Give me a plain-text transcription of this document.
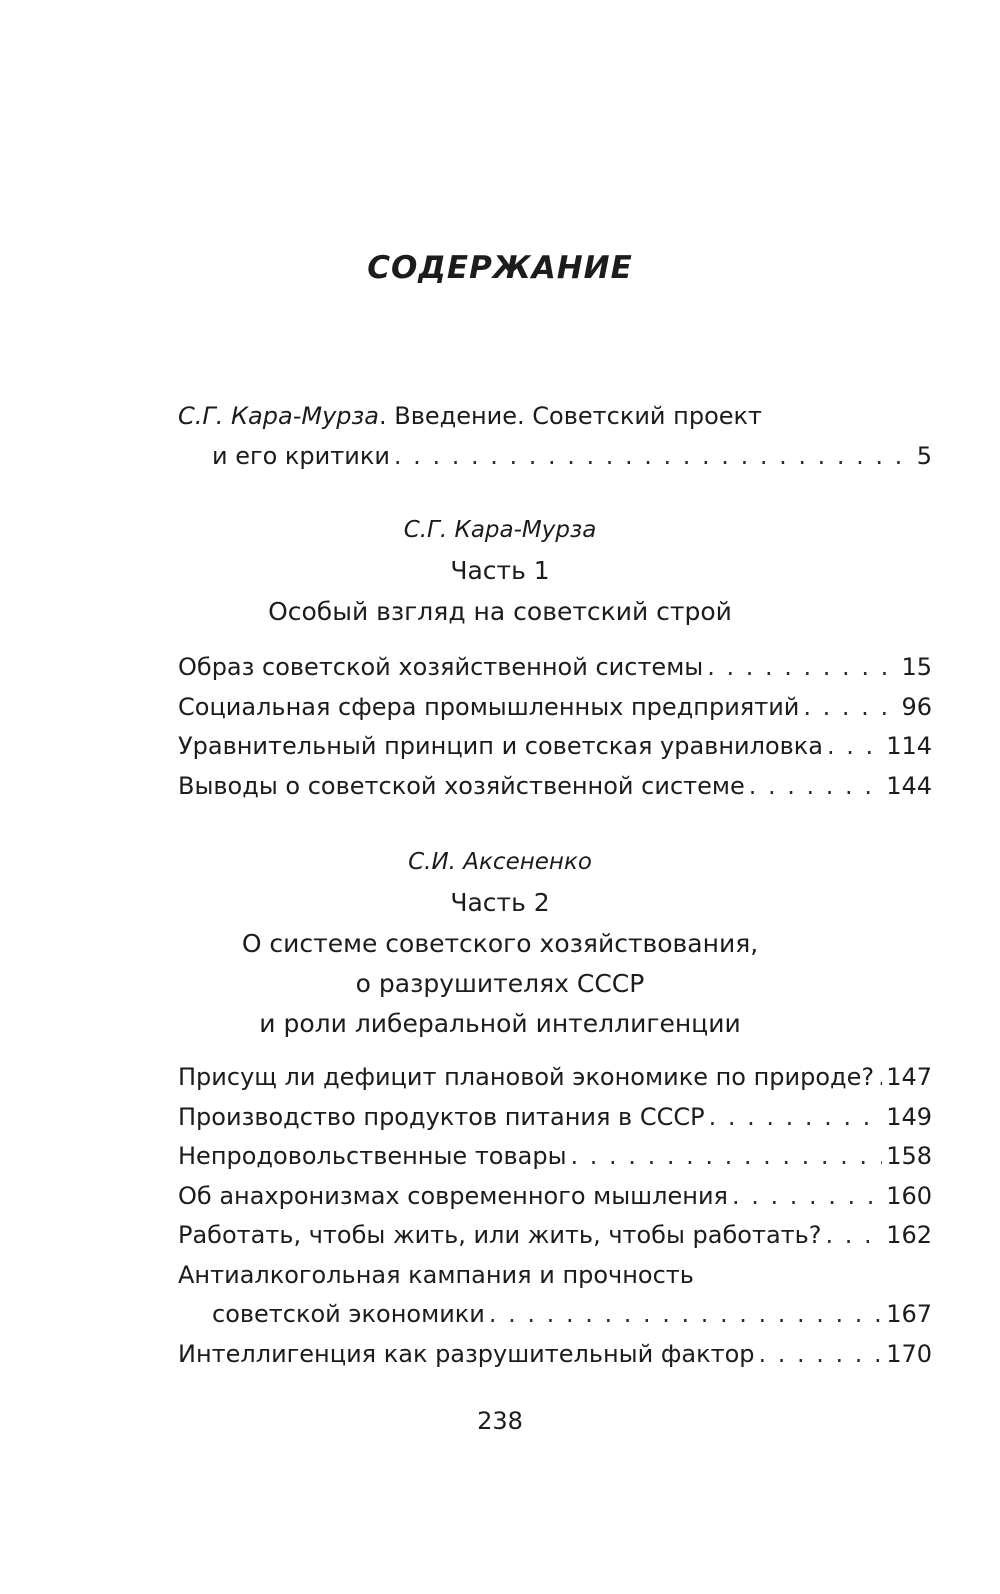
СОДЕРЖАНИЕ
С.Г. Кара-Мурза. Введение. Советский проект
и его критики . . .	5
С.Г. Кара-Мурза
Часть 1
Особый взгляд на советский строй
Образ советской хозяйственной системы . . .	15
Социальная сфера промышленных предприятий . . .	96
Уравнительный принцип и советская уравниловка . . .	114
Выводы о советской хозяйственной системе . . .	144
С.И. Аксененко
Часть 2
О системе советского хозяйствования,
о разрушителях СССР
и роли либеральной интеллигенции
Присущ ли дефицит плановой экономике по природе? . . . 147
Производство продуктов питания в СССР . . .	149
Непродовольственные товары . . .	158
Об анахронизмах современного мышления . . .	160
Работать, чтобы жить, или жить, чтобы работать? . . .	162
Антиалкогольная кампания и прочность
советской экономики . . .	167
Интеллигенция как разрушительный фактор . . .	170
238
